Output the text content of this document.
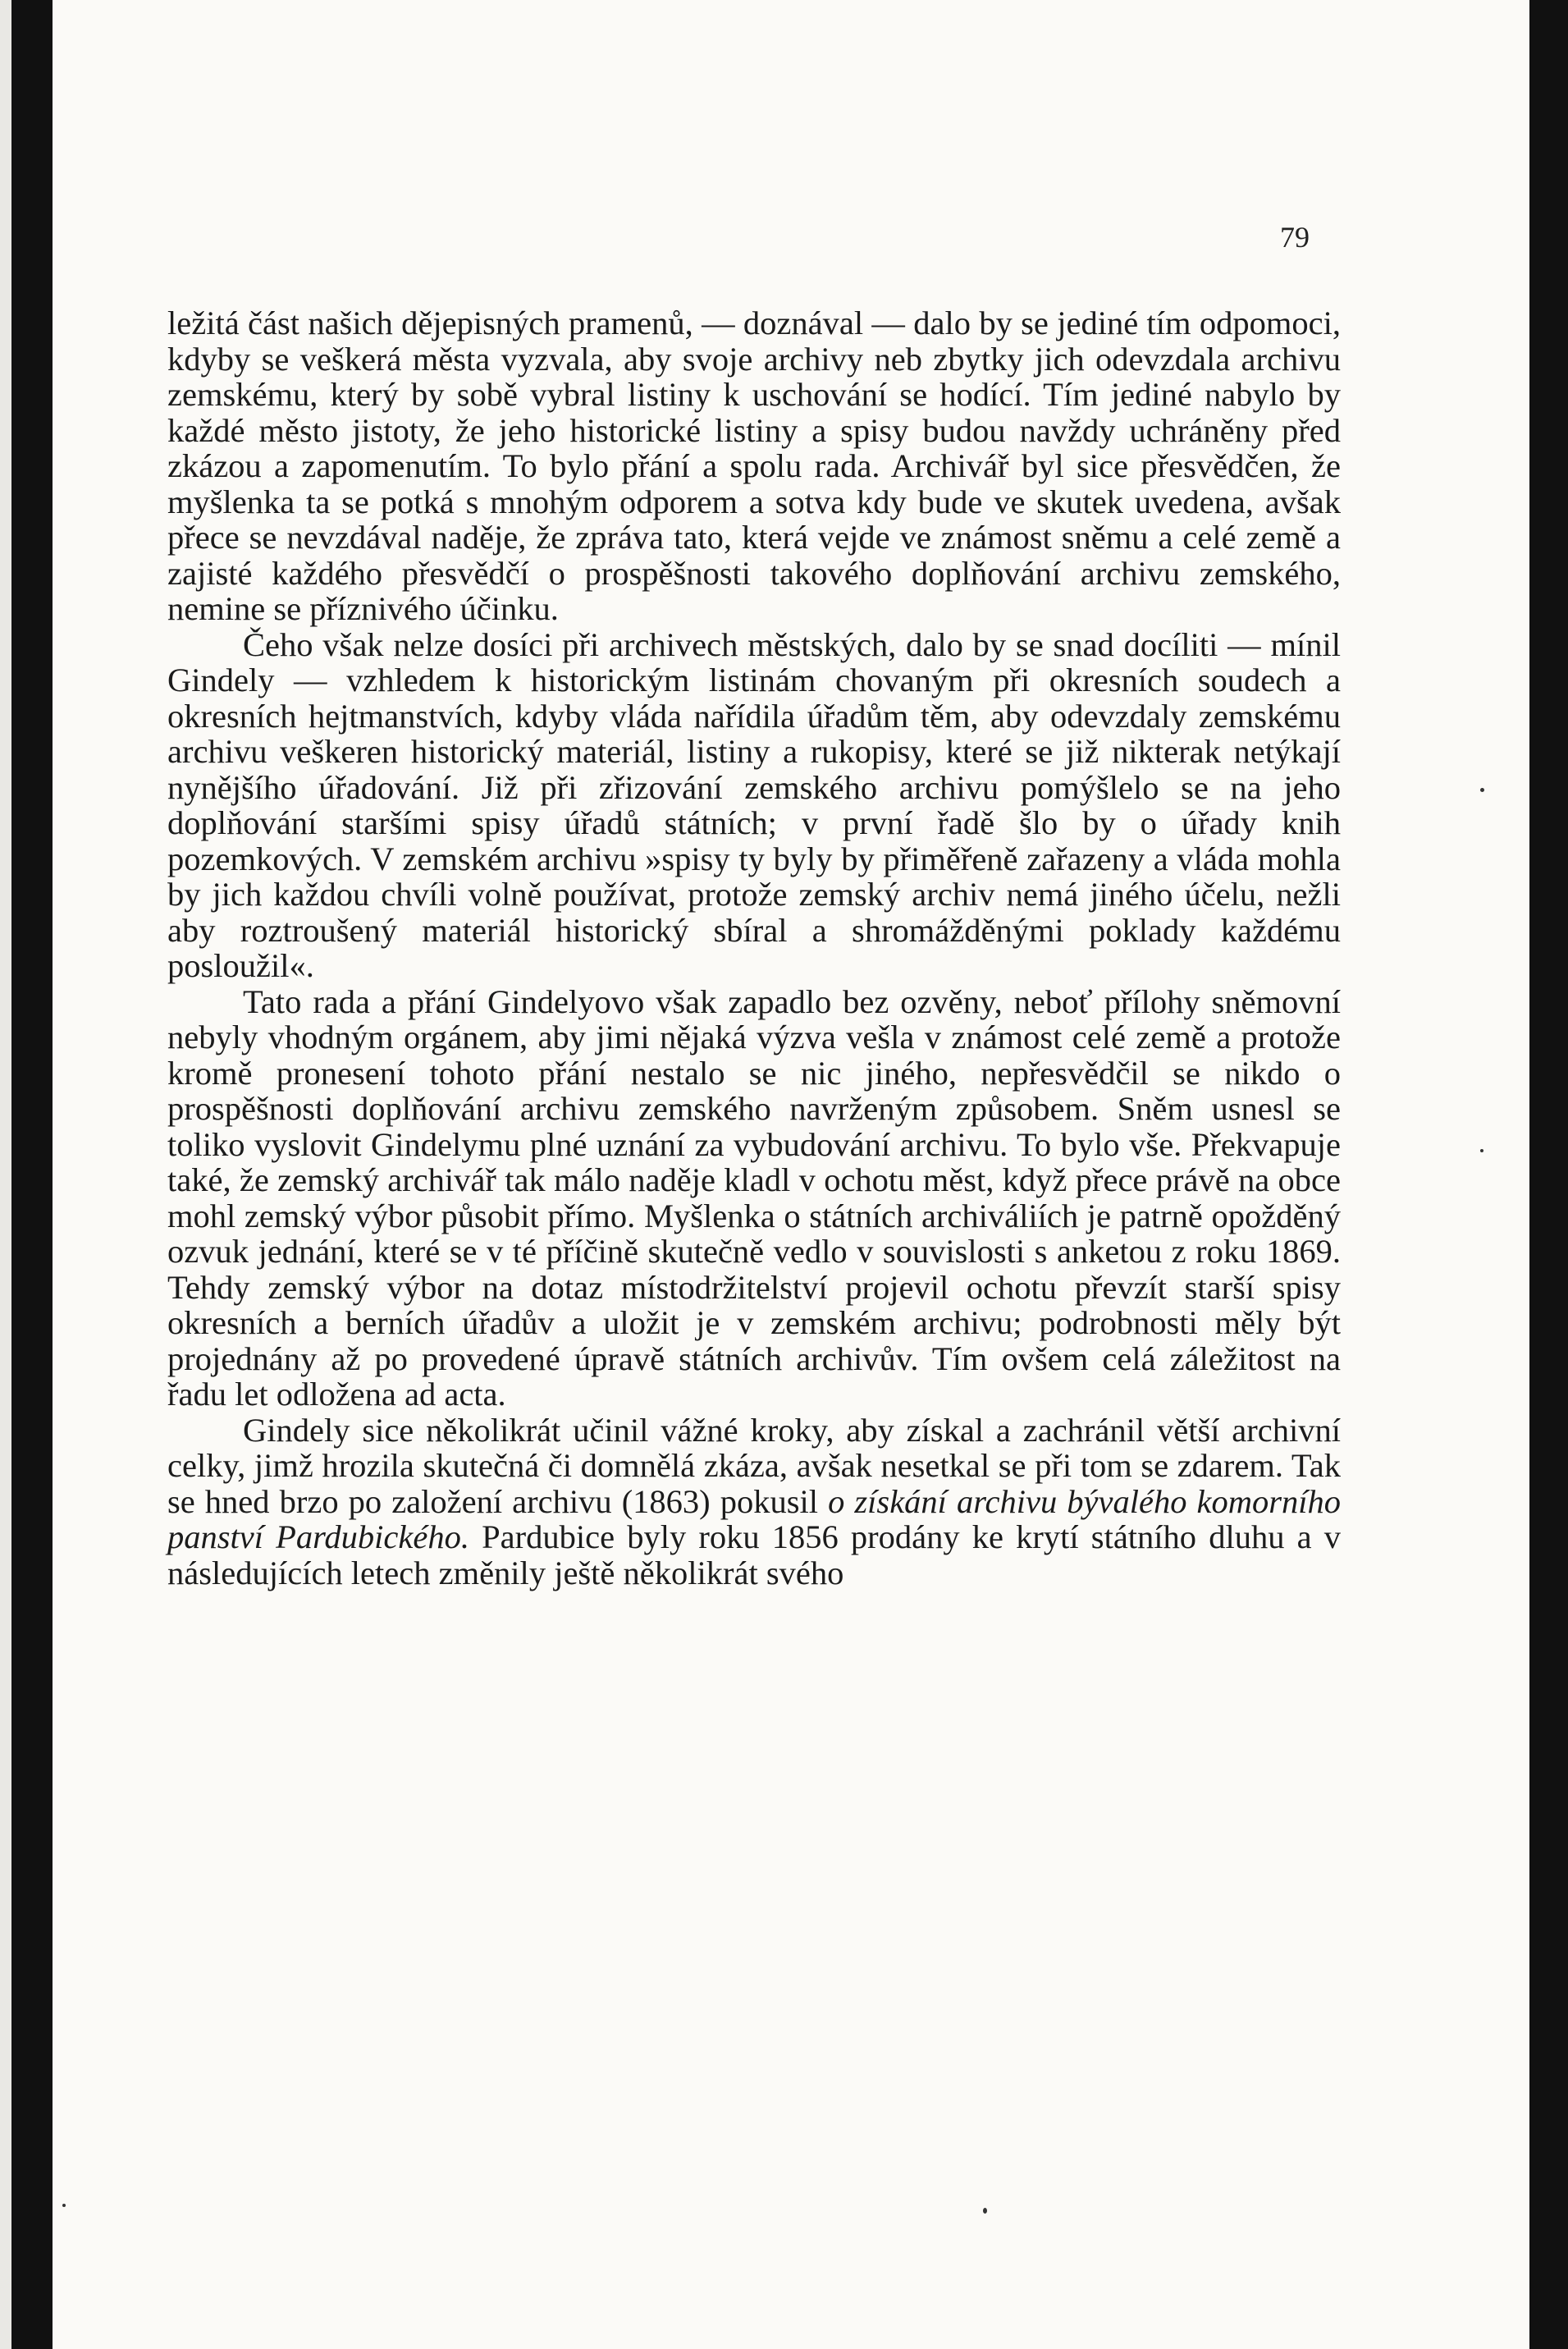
79

ležitá část našich dějepisných pramenů, — doznával — dalo by se jediné tím odpomoci, kdyby se veškerá města vyzvala, aby svoje archivy neb zbytky jich odevzdala archivu zemskému, který by sobě vybral listiny k uschování se hodící. Tím jediné nabylo by každé město jistoty, že jeho historické listiny a spisy budou navždy uchráněny před zkázou a zapomenutím. To bylo přání a spolu rada. Archivář byl sice přesvědčen, že myšlenka ta se potká s mnohým odporem a sotva kdy bude ve skutek uvedena, avšak přece se nevzdával naděje, že zpráva tato, která vejde ve známost sněmu a celé země a zajisté každého přesvědčí o prospěšnosti takového doplňování archivu zemského, nemine se příznivého účinku.

Čeho však nelze dosíci při archivech městských, dalo by se snad docíliti — mínil Gindely — vzhledem k historickým listinám chovaným při okresních soudech a okresních hejtmanstvích, kdyby vláda nařídila úřadům těm, aby odevzdaly zemskému archivu veškeren historický materiál, listiny a rukopisy, které se již nikterak netýkají nynějšího úřadování. Již při zřizování zemského archivu pomýšlelo se na jeho doplňování staršími spisy úřadů státních; v první řadě šlo by o úřady knih pozemkových. V zemském archivu »spisy ty byly by přiměřeně zařazeny a vláda mohla by jich každou chvíli volně používat, protože zemský archiv nemá jiného účelu, nežli aby roztroušený materiál historický sbíral a shromážděnými poklady každému posloužil«.

Tato rada a přání Gindelyovo však zapadlo bez ozvěny, neboť přílohy sněmovní nebyly vhodným orgánem, aby jimi nějaká výzva vešla v známost celé země a protože kromě pronesení tohoto přání nestalo se nic jiného, nepřesvědčil se nikdo o prospěšnosti doplňování archivu zemského navrženým způsobem. Sněm usnesl se toliko vyslovit Gindelymu plné uznání za vybudování archivu. To bylo vše. Překvapuje také, že zemský archivář tak málo naděje kladl v ochotu měst, když přece právě na obce mohl zemský výbor působit přímo. Myšlenka o státních archiváliích je patrně opožděný ozvuk jednání, které se v té příčině skutečně vedlo v souvislosti s anketou z roku 1869. Tehdy zemský výbor na dotaz místodržitelství projevil ochotu převzít starší spisy okresních a berních úřadův a uložit je v zemském archivu; podrobnosti měly být projednány až po provedené úpravě státních archivův. Tím ovšem celá záležitost na řadu let odložena ad acta.

Gindely sice několikrát učinil vážné kroky, aby získal a zachránil větší archivní celky, jimž hrozila skutečná či domnělá zkáza, avšak nesetkal se při tom se zdarem. Tak se hned brzo po založení archivu (1863) pokusil o získání archivu bývalého komorního panství Pardubického. Pardubice byly roku 1856 prodány ke krytí státního dluhu a v následujících letech změnily ještě několikrát svého
